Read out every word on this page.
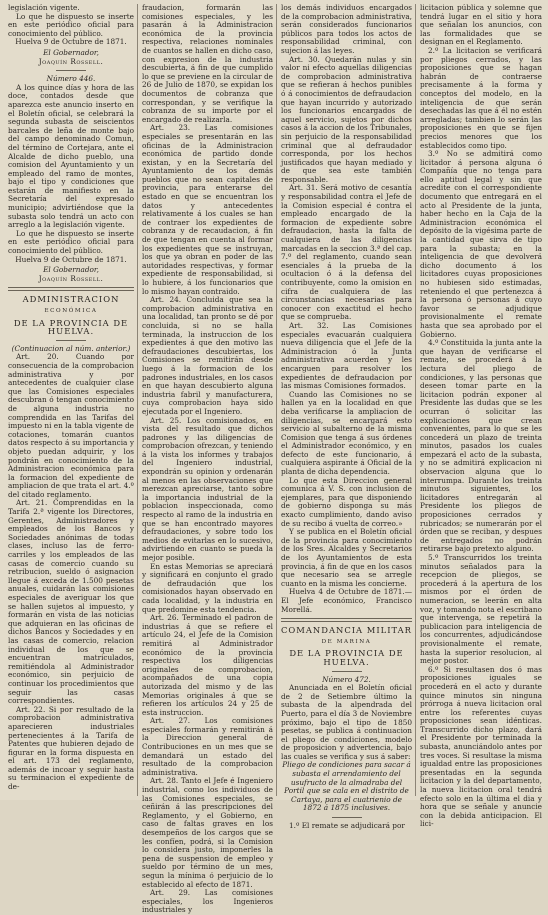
legislación vigente.

Lo que he dispuesto se inserte en este periódico oficial para conocimiento del público.

Huelva 9 de Octubre de 1871.

El Gobernador,
Joaquín Rossell.

Número 446.

A los quince días y hora de las doce, contados desde que aparezca este anuncio inserto en el Boletín oficial, se celebrará la segunda subasta de seiscientos barcales de leña de monte bajo del campo denominado Comun, del término de Cortejara, ante el Alcalde de dicho pueblo, una comision del Ayuntamiento y un empleado del ramo de montes, bajo el tipo y condiciones que estarán de manifiesto en la Secretaría del expresado municipio; advirtiéndose que la subasta solo tendrá un acto con arreglo a la legislación vigente.

Lo que he dispuesto se inserte en este periódico oficial para conocimiento del público.

Huelva 9 de Octubre de 1871.

El Gobernador,
Joaquín Rossell.
ADMINISTRACION
ECONÓMICA
DE LA PROVINCIA DE HUELVA.

(Continuacion al núm. anterior.)

Art. 20. Cuando por consecuencia de la comprobacion administrativa y por antecedentes de cualquier clase que las Comisiones especiales descubran ó tengan conocimiento de alguna industria no comprendida en las Tarifas del impuesto ni en la tabla vigente de cotaciones, tomarán cuantos datos respecto á su importancia y objeto puedan adquirir, y los pondrán en conocimiento de la Administracion económica para la formacion del expediente de ampliacion de que trata el art. 4.º del citado reglamento.

Art. 21. Comprendidas en la Tarifa 2.ª vigente los Directores, Gerentes, Administradores y empleados de los Bancos y Sociedades anónimas de todas clases, incluso las de ferro-carriles y los empleados de las casas de comercio cuando su retribucion, sueldo ó asignacion llegue á exceda de 1.500 pesetas anuales, cuidarán las comisiones especiales de averiguar los que se hallen sujetos al impuesto, y formarán en vista de las noticias que adquieran en las oficinas de dichos Bancos y Sociedades y en las casas de comercio, relacion individual de los que se encuentran matriculados, remitiéndola al Administrador económico, sin perjuicio de continuar los procedimientos que seguir las casas correspondientes.

Art. 22. Si por resultado de la comprobacion administrativa aparecieren industriales pertenecientes á la Tarifa de Patentes que hubieren dejado de figurar en la forma dispuesta en el art. 173 del reglamento, además de incoar y seguir hasta su terminacion el expediente de de-

fraudacion, formarán las comisiones especiales, y les pasarán á la Administracion económica de la provincia respectiva, relaciones nominales de cuantos se hallen en dicho caso, con expresion de la industria descubierta, á fin de que cumplido lo que se previene en la circular de 26 de Julio de 1870, se expidan los documentos de cobranza que correspondan, y se verifique la cobranza de su importe por el encargado de realizarla.

Art. 23. Las comisiones especiales se presentarán en las oficinas de la Administracion económica de partido donde existan, y en la Secretaría del Ayuntamiento de los demás pueblos que no sean capitales de provincia, para enterarse del estado en que se encuentran los datos y antecedentes relativamente á los cuales se han de contraer los expedientes de cobranza y de recaudacion, á fin de que tengan en cuenta al formar los expedientes que se instruyan, los que ya obran en poder de las autoridades respectivas, y formar expediente de responsabilidad, si lo hubiere, á los funcionarios que lo mismo hayan contraido.

Art. 24. Concluida que sea la comprobacion administrativa en una localidad, tan pronto se dé por concluida, si no se halla terminada, la instruccion de los expedientes á que den motivo las defraudaciones descubiertas, los Comisiones se remitirán desde luego á la formacion de los padrones industriales, en los casos en que hayan descubierto alguna industria fabril y manufacturera, cuya comprobacion haya sido ejecutada por el Ingeniero.

Art. 25. Los comisionados, en vista del resultado que dichos padrones y las diligencias de comprobacion ofrezcan, y teniendo á la vista los informes y trabajos del Ingeniero industrial, expondrán su opinion y ordenarán al menos en las observaciones que merezcan apreciarse, tanto sobre la importancia industrial de la poblacion inspeccionada, como respecto al ramo de la industria en que se han encontrado mayores defraudaciones, y sobre todo los medios de evitarlas en lo sucesivo, advirtiendo en cuanto se pueda la mejor posible.

En estas Memorias se apreciará y significará en conjunto el grado de defraudación que los comisionados hayan observado en cada localidad, y la industria en que predomine esta tendencia.

Art. 26. Terminado el padron de industrias á que se refiere el artículo 24, el Jefe de la Comision remitirá al Administrador económico de la provincia respectiva los diligencias originales de comprobacion, acompañados de una copia autorizada del mismo y de las Memorias originales á que se refieren los artículos 24 y 25 de esta instruccion.

Art. 27. Los comisiones especiales formarán y remitirán á la Direccion general de Contribuciones en un mes que se demandará un estado del resultado de la comprobacion administrativa.

Art. 28. Tanto el Jefe é Ingeniero industrial, como los individuos de las Comisiones especiales, se ceñirán á las prescripciones del Reglamento, y el Gobierno, en caso de faltas graves en los desempeños de los cargos que se les confíen, podrá, si la Comision lo considera justo, imponerles la pena de suspension de empleo y sueldo por término de un mes, segun la mínima ó perjuicio de lo establecido al efecto de 1871.

Art. 29. Las comisiones especiales, los Ingenieros industriales y

los demás individuos encargados de la comprobacion administrativa, serán considerados funcionarios públicos para todos los actos de responsabilidad criminal, con sujecion á las leyes.

Art. 30. Quedarán nulas y sin valor ni efecto aquellas diligencias de comprobacion administrativa que se refieran á hechos punibles ó á conocimientos de defraudacion que hayan incurrido y autorizado los funcionarios encargados de aquel servicio, sujetos por dichos casos á la accion de los Tribunales, sin perjuicio de la responsabilidad criminal que al defraudador corresponda, por los hechos justificados que hayan mediado y de que sea este también responsable.

Art. 31. Será motivo de cesantía y responsabilidad contra el Jefe de la Comision especial é contra el empleado encargado de la formacion de expediente sobre defraudacion, hasta la falta de cualquiera de las diligencias marcadas en la seccion 3.ª del cap. 7.º del reglamento, cuando sean esenciales á la prueba de la ocultacion ó á la defensa del contribuyente, como la omision en cifra de cualquiera de las circunstancias necesarias para conocer con exactitud el hecho que se comprueba.

Art. 32. Las Comisiones especiales evacuarán cualquiera nueva diligencia que el Jefe de la Administracion ó la Junta administrativa acuerden y les encarguen para resolver los expedientes de defraudacion por las mismas Comisiones formados.

Cuando las Comisiones no se hallen ya en la localidad en que deba verificarse la ampliacion de diligencias, se encargará esto servicio al subalterno de la misma Comision que tenga á sus órdenes el Administrador económico, y en defecto de este funcionario, á cualquiera aspirante á Oficial de la planta de dicha dependencia.

Lo que esta Direccion general comunica á V. S. con inclusion de ejemplares, para que disponiendo de gobierno disponga su más exacto cumplimiento, dando aviso de su recibo á vuelta de correo.»

Y se publica en el Boletín oficial de la provincia para conocimiento de los Sres. Alcaldes y Secretarios de los Ayuntamientos de esta provincia, á fin de que en los casos que necesario sea se arregle cuanto en la misma les concierne.

Huelva 4 de Octubre de 1871.—El Jefe económico, Francisco Morellá.

COMANDANCIA MILITAR
DE MARINA
DE LA PROVINCIA DE HUELVA.

Número 472.

Anunciada en el Boletín oficial de 2 de Setiembre último la subasta de la alpendrada del Puerto, para el día 3 de Noviembre próximo, bajo el tipo de 1850 pesetas, se publica á continuacion el pliego de condiciones, modelo de proposicion y advertencia, bajo las cuales se verifica y sus á saber:

Pliego de condiciones para sacar á subasta el arrendamiento del usufructo de la almadraba del Portil que se cala en el distrito de Cartaya, para el cuatrienio de 1872 á 1875 inclusives.

1.º El remate se adjudicará por

licitacion pública y solemne que tendrá lugar en el sitio y hora que señalan los anuncios, con las formalidades que se designan en el Reglamento.

2.º La licitacion se verificará por pliegos cerrados, y las proposiciones que se hagan habrán de contraerse precisamente á la forma y conceptos del modelo, en la inteligencia de que serán desechadas las que á él no estén arregladas; tambien lo serán las proposiciones en que se fijen precios menores que los establecidos como tipo.

3.º No se admitirá como licitador á persona alguna ó Compañía que no tenga para ello aptitud legal y sin que acredite con el correspondiente documento que entregará en el acto al Presidente de la junta, haber hecho en la Caja de la Administracion económica el depósito de la vigésima parte de la cantidad que sirva de tipo para la subasta; en la inteligencia de que devolverá dicho documento á los licitadores cuyas proposiciones no hubiesen sido estimadas, reteniendo el que pertenezca á la persona ó personas á cuyo favor se adjudique provisionalmente el remate hasta que sea aprobado por el Gobierno.

4.º Constituida la junta ante la que hayan de verificarse el remate, se procederá á la lectura del pliego de condiciones, y las personas que deseen tomar parte en la licitacion podrán exponer al Presidente las dudas que se les ocurran ó solicitar las explicaciones que crean convenientes, para lo que se les concederá un plazo de treinta minutos, pasados los cuales empezará el acto de la subasta, y no se admitirá explicacion ni observacion alguna que lo interrumpa. Durante los treinta minutos siguientes, los licitadores entregarán al Presidente los pliegos de proposiciones cerrados y rubricados; se numerarán por el órden que se reciban, y despues de entregados no podrán retirarse bajo pretexto alguno.

5.º Transcurridos los treinta minutos señalados para la recepcion de pliegos, se procederá á la apertura de los mismos por el órden de numeracion, se leerán en alta voz, y tomando nota el escribano que intervenga, se repetirá la publicacion para inteligencia de los concurrentes, adjudicándose provisionalmente el remate, hasta la superior resolucion, al mejor postor.

6.º Si resultasen dos ó mas proposiciones iguales se procederá en el acto y durante quince minutos sin ninguna prórroga á nueva licitacion oral entre los referentes cuyas proposiciones sean idénticas. Transcurrido dicho plazo, dará el Presidente por terminada la subasta, anunciándolo antes por tres voces. Si resultase la misma igualdad entre las proposiciones presentadas en la segunda licitacion y la del departamento, la nueva licitacion oral tendrá efecto solo en la última el dia y hora que se señale y anuncie con la debida anticipacion. El lici-
